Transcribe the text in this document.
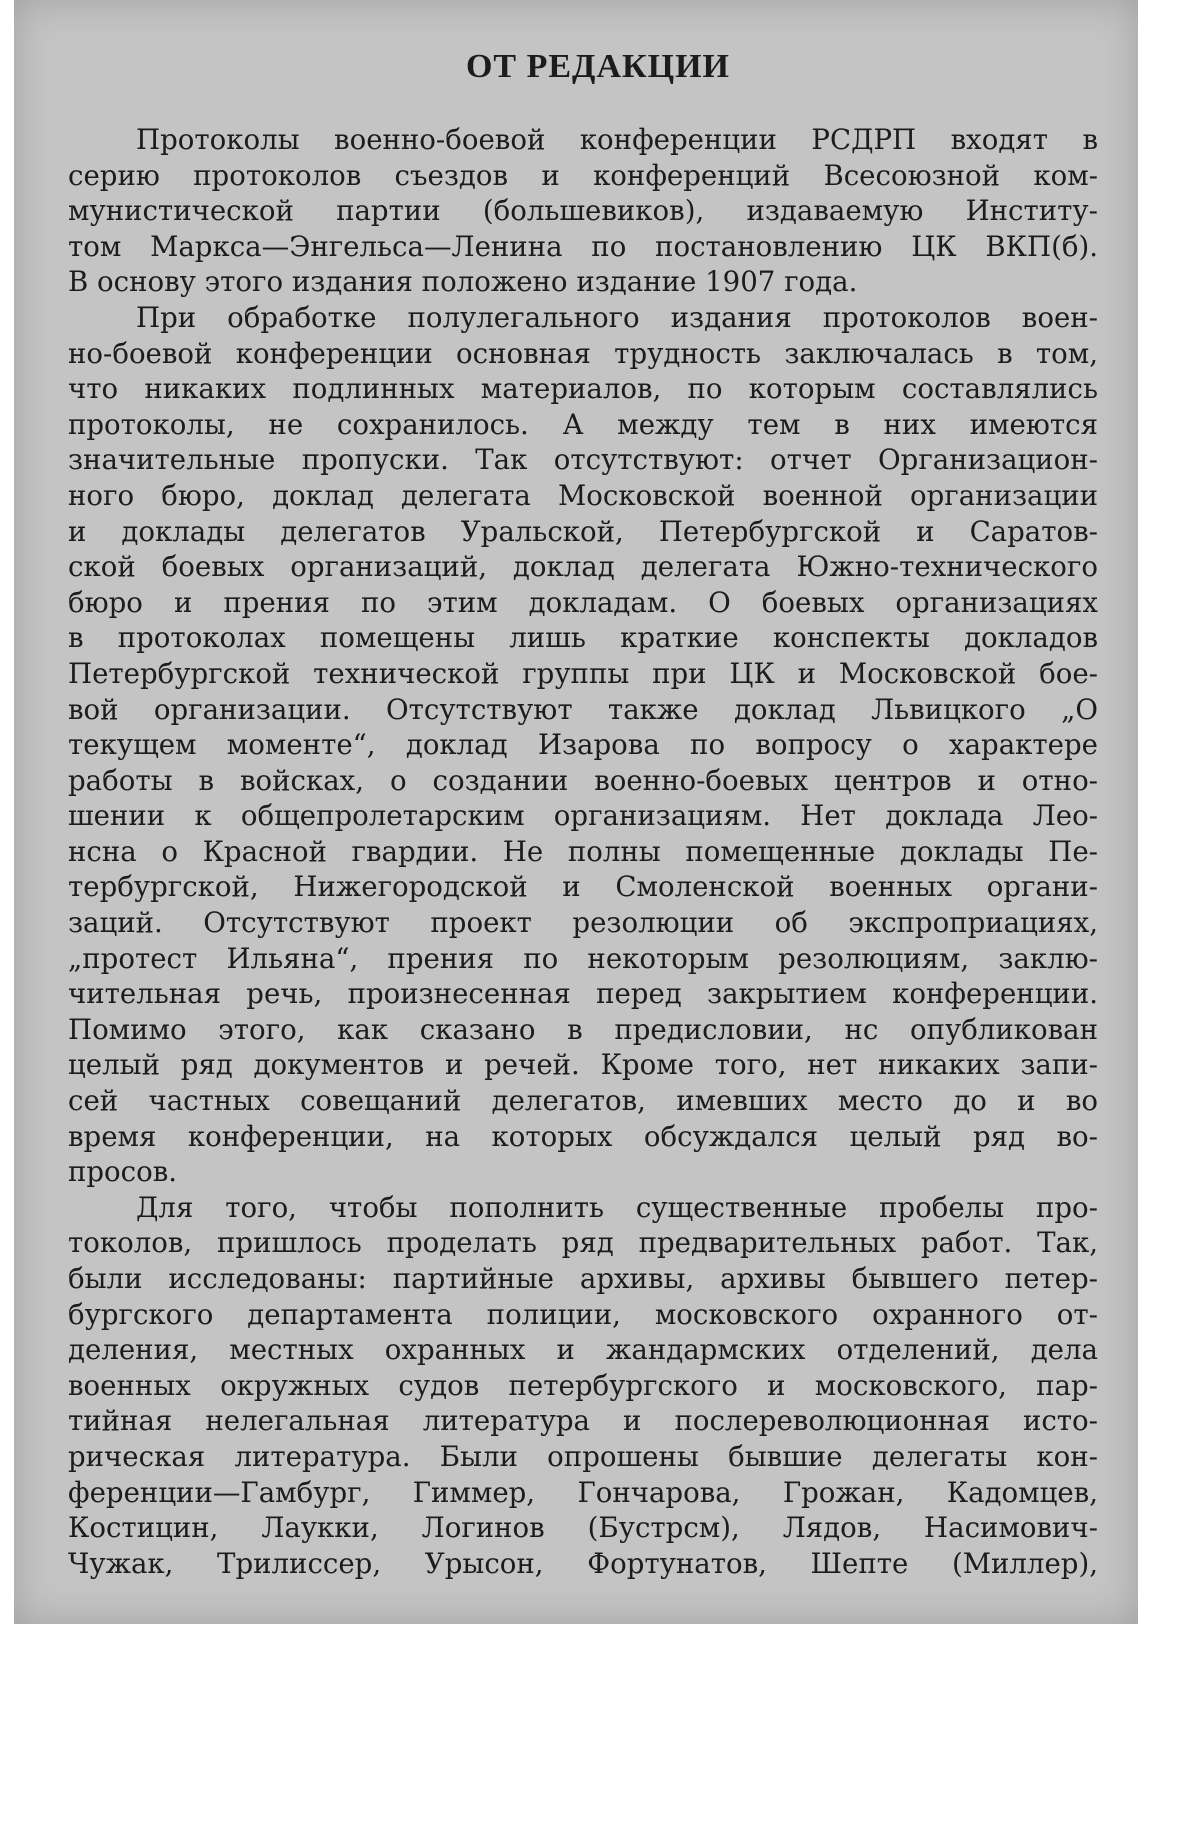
ОТ РЕДАКЦИИ

Протоколы военно-боевой конференции РСДРП входят в
серию протоколов съездов и конференций Всесоюзной ком-
мунистической партии (большевиков), издаваемую Институ-
том Маркса—Энгельса—Ленина по постановлению ЦК ВКП(б).
В основу этого издания положено издание 1907 года.

При обработке полулегального издания протоколов воен-
но-боевой конференции основная трудность заключалась в том,
что никаких подлинных материалов, по которым составлялись
протоколы, не сохранилось. А между тем в них имеются
значительные пропуски. Так отсутствуют: отчет Организацион-
ного бюро, доклад делегата Московской военной организации
и доклады делегатов Уральской, Петербургской и Саратов-
ской боевых организаций, доклад делегата Южно-технического
бюро и прения по этим докладам. О боевых организациях
в протоколах помещены лишь краткие конспекты докладов
Петербургской технической группы при ЦК и Московской бое-
вой организации. Отсутствуют также доклад Львицкого „О
текущем моменте“, доклад Изарова по вопросу о характере
работы в войсках, о создании военно-боевых центров и отно-
шении к общепролетарским организациям. Нет доклада Лео-
нсна о Красной гвардии. Не полны помещенные доклады Пе-
тербургской, Нижегородской и Смоленской военных органи-
заций. Отсутствуют проект резолюции об экспроприациях,
„протест Ильяна“, прения по некоторым резолюциям, заклю-
чительная речь, произнесенная перед закрытием конференции.
Помимо этого, как сказано в предисловии, нс опубликован
целый ряд документов и речей. Кроме того, нет никаких запи-
сей частных совещаний делегатов, имевших место до и во
время конференции, на которых обсуждался целый ряд во-
просов.

Для того, чтобы пополнить существенные пробелы про-
токолов, пришлось проделать ряд предварительных работ. Так,
были исследованы: партийные архивы, архивы бывшего петер-
бургского департамента полиции, московского охранного от-
деления, местных охранных и жандармских отделений, дела
военных окружных судов петербургского и московского, пар-
тийная нелегальная литература и послереволюционная исто-
рическая литература. Были опрошены бывшие делегаты кон-
ференции—Гамбург, Гиммер, Гончарова, Грожан, Кадомцев,
Костицин, Лаукки, Логинов (Бустрсм), Лядов, Насимович-
Чужак, Трилиссер, Урысон, Фортунатов, Шепте (Миллер),
